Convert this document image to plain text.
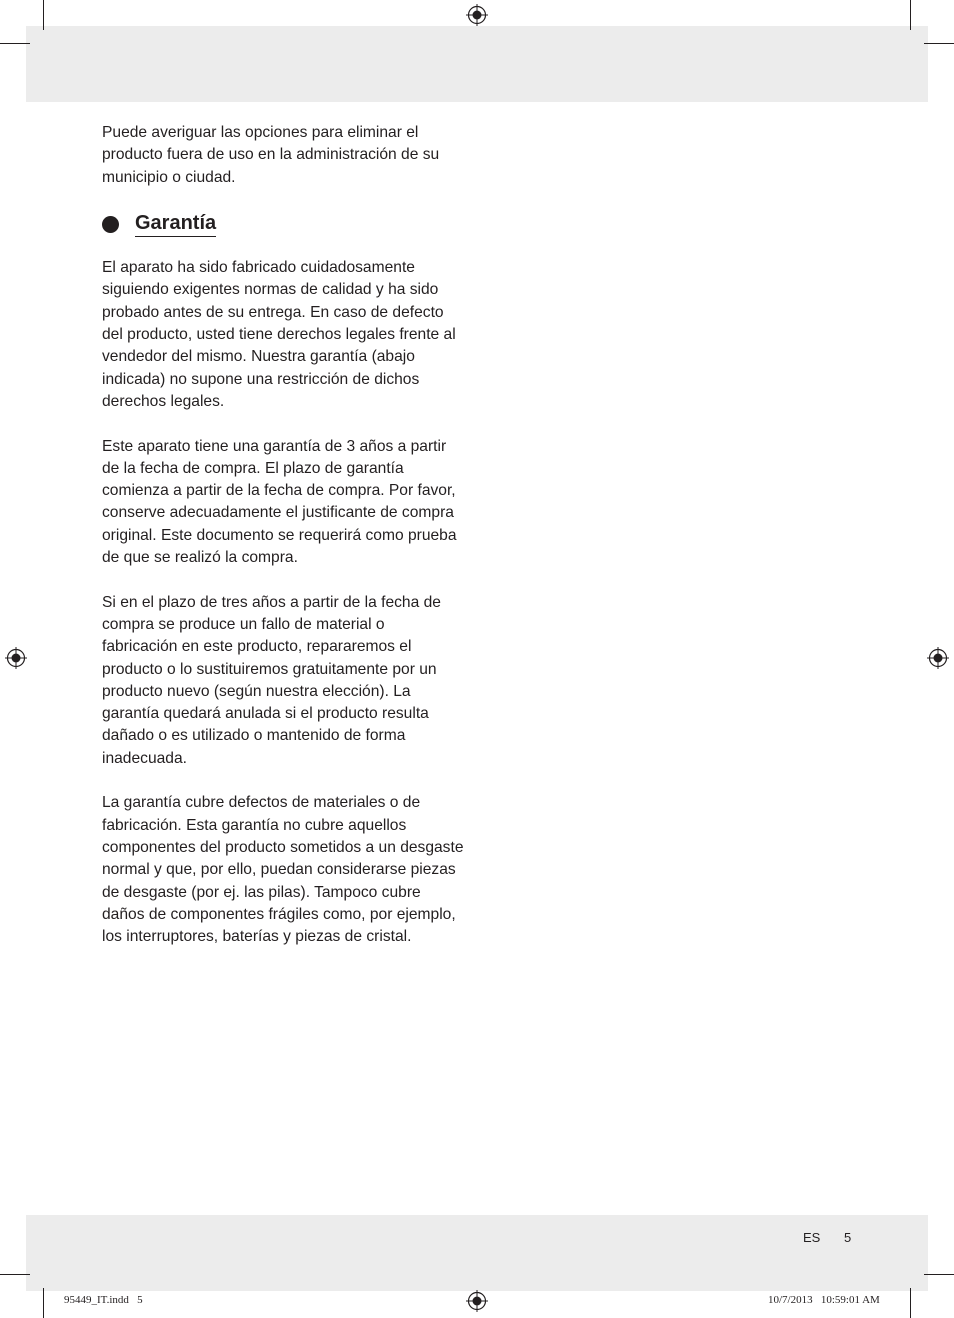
Puede averiguar las opciones para eliminar el producto fuera de uso en la administración de su municipio o ciudad.

Garantía

El aparato ha sido fabricado cuidadosamente siguiendo exigentes normas de calidad y ha sido probado antes de su entrega. En caso de defecto del producto, usted tiene derechos legales frente al vendedor del mismo. Nuestra garantía (abajo indicada) no supone una restricción de dichos derechos legales.

Este aparato tiene una garantía de 3 años a partir de la fecha de compra. El plazo de garantía comienza a partir de la fecha de compra. Por favor, conserve adecuadamente el justificante de compra original. Este documento se requerirá como prueba de que se realizó la compra.

Si en el plazo de tres años a partir de la fecha de compra se produce un fallo de material o fabricación en este producto, repararemos el producto o lo sustituiremos gratuitamente por un producto nuevo (según nuestra elección). La garantía quedará anulada si el producto resulta dañado o es utilizado o mantenido de forma inadecuada.

La garantía cubre defectos de materiales o de fabricación. Esta garantía no cubre aquellos componentes del producto sometidos a un desgaste normal y que, por ello, puedan considerarse piezas de desgaste (por ej. las pilas). Tampoco cubre daños de componentes frágiles como, por ejemplo, los interruptores, baterías y piezas de cristal.

ES 5
95449_IT.indd   5	10/7/2013   10:59:01 AM
